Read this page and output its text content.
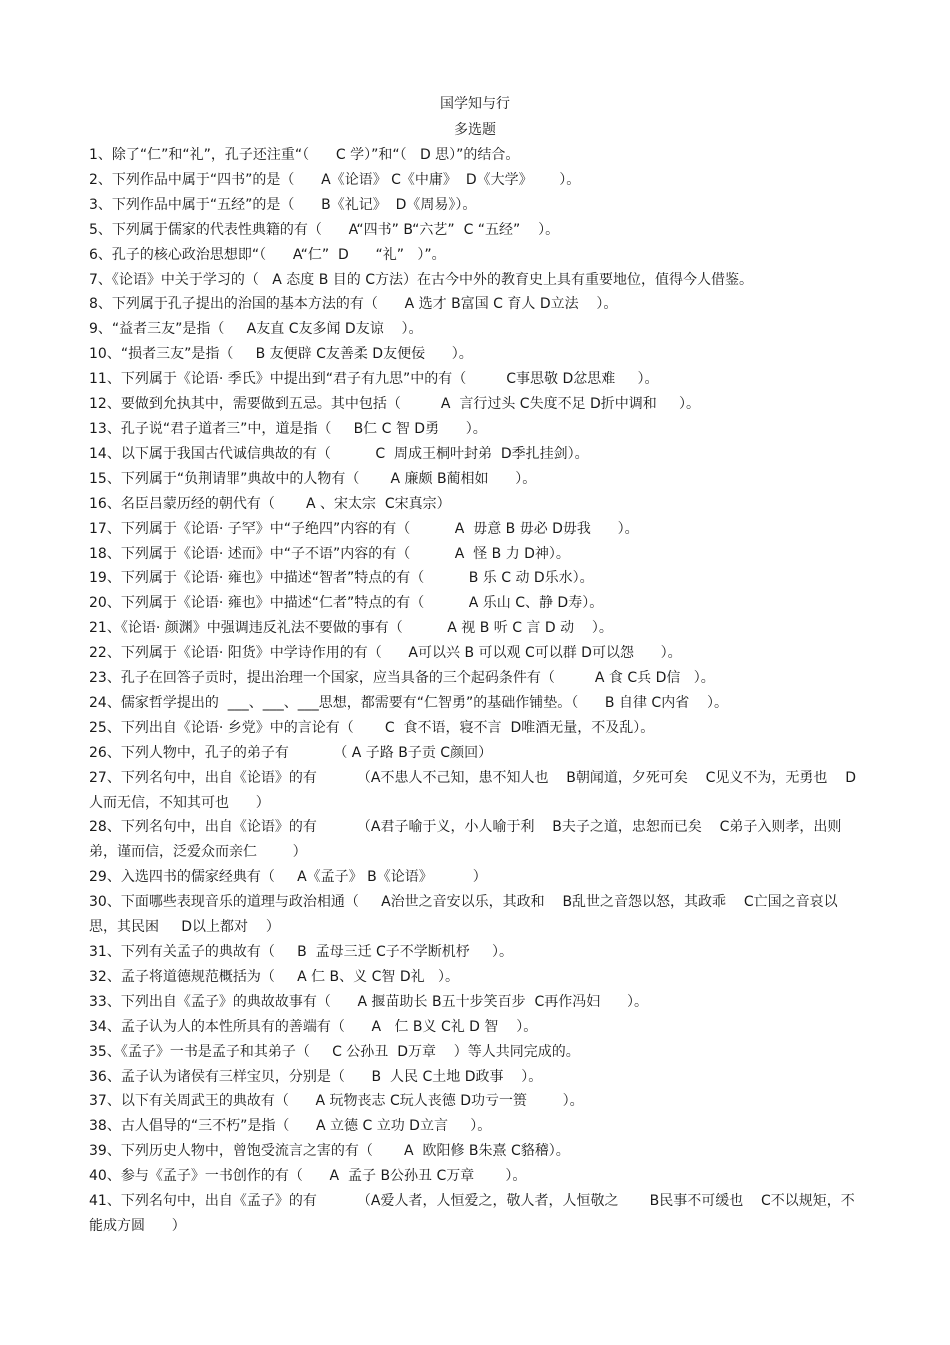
国学知与行
多选题
1、除了“仁”和“礼”，孔子还注重“（      C 学）”和“（   D 思）”的结合。
2、下列作品中属于“四书”的是（      A《论语》 C《中庸》  D《大学》      ）。
3、下列作品中属于“五经”的是（      B《礼记》  D《周易》）。
5、下列属于儒家的代表性典籍的有（      A“四书” B“六艺”  C “五经”    ）。
6、孔子的核心政治思想即“（      A“仁”  D      “礼”   ）”。
7、《论语》中关于学习的（   A 态度 B 目的 C方法）在古今中外的教育史上具有重要地位，值得今人借鉴。
8、下列属于孔子提出的治国的基本方法的有（      A 选才 B富国 C 育人 D立法    ）。
9、“益者三友”是指（     A友直 C友多闻 D友谅    ）。
10、“损者三友”是指（     B 友便辟 C友善柔 D友便佞      ）。
11、下列属于《论语· 季氏》中提出到“君子有九思”中的有（         C事思敬 D忿思难     ）。
12、要做到允执其中，需要做到五忌。其中包括（         A  言行过头 C失度不足 D折中调和     ）。
13、孔子说“君子道者三”中，道是指（     B仁 C 智 D勇      ）。
14、以下属于我国古代诚信典故的有（          C  周成王桐叶封弟  D季扎挂剑）。
15、下列属于“负荆请罪”典故中的人物有（       A 廉颇 B蔺相如      ）。
16、名臣吕蒙历经的朝代有（       A 、宋太宗  C宋真宗）
17、下列属于《论语· 子罕》中“子绝四”内容的有（          A  毋意 B 毋必 D毋我      ）。
18、下列属于《论语· 述而》中“子不语”内容的有（          A  怪 B 力 D神）。
19、下列属于《论语· 雍也》中描述“智者”特点的有（          B 乐 C 动 D乐水）。
20、下列属于《论语· 雍也》中描述“仁者”特点的有（          A 乐山 C、静 D寿）。
21、《论语· 颜渊》中强调违反礼法不要做的事有（          A 视 B 听 C 言 D 动    ）。
22、下列属于《论语· 阳货》中学诗作用的有（      A可以兴 B 可以观 C可以群 D可以怨      ）。
23、孔子在回答子贡时，提出治理一个国家，应当具备的三个起码条件有（         A 食 C兵 D信   ）。
24、儒家哲学提出的  ___、___、___思想，都需要有“仁智勇”的基础作铺垫。（      B 自律 C内省    ）。
25、下列出自《论语· 乡党》中的言论有（       C  食不语，寝不言  D唯酒无量，不及乱）。
26、下列人物中，孔子的弟子有          （ A 子路 B子贡 C颜回）
27、下列名句中，出自《论语》的有         （A不患人不己知，患不知人也    B朝闻道，夕死可矣    C见义不为，无勇也    D人而无信，不知其可也      ）
28、下列名句中，出自《论语》的有         （A君子喻于义，小人喻于利    B夫子之道，忠恕而已矣    C弟子入则孝，出则弟，谨而信，泛爱众而亲仁        ）
29、入选四书的儒家经典有（     A《孟子》 B《论语》         ）
30、下面哪些表现音乐的道理与政治相通（     A治世之音安以乐，其政和    B乱世之音怨以怒，其政乖    C亡国之音哀以思，其民困     D以上都对    ）
31、下列有关孟子的典故有（     B  孟母三迁 C子不学断机杼     ）。
32、孟子将道德规范概括为（     A 仁 B、义 C智 D礼   ）。
33、下列出自《孟子》的典故故事有（      A 揠苗助长 B五十步笑百步  C再作冯妇      ）。
34、孟子认为人的本性所具有的善端有（      A   仁 B义 C礼 D 智    ）。
35、《孟子》一书是孟子和其弟子（     C 公孙丑  D万章    ）等人共同完成的。
36、孟子认为诸侯有三样宝贝，分别是（      B  人民 C土地 D政事    ）。
37、以下有关周武王的典故有（      A 玩物丧志 C玩人丧德 D功亏一篑        ）。
38、古人倡导的“三不朽”是指（      A 立德 C 立功 D立言     ）。
39、下列历史人物中，曾饱受流言之害的有（       A  欧阳修 B朱熹 C貉稽）。
40、参与《孟子》一书创作的有（      A  孟子 B公孙丑 C万章       ）。
41、下列名句中，出自《孟子》的有         （A爱人者，人恒爱之，敬人者，人恒敬之       B民事不可缓也    C不以规矩，不能成方圆      ）
